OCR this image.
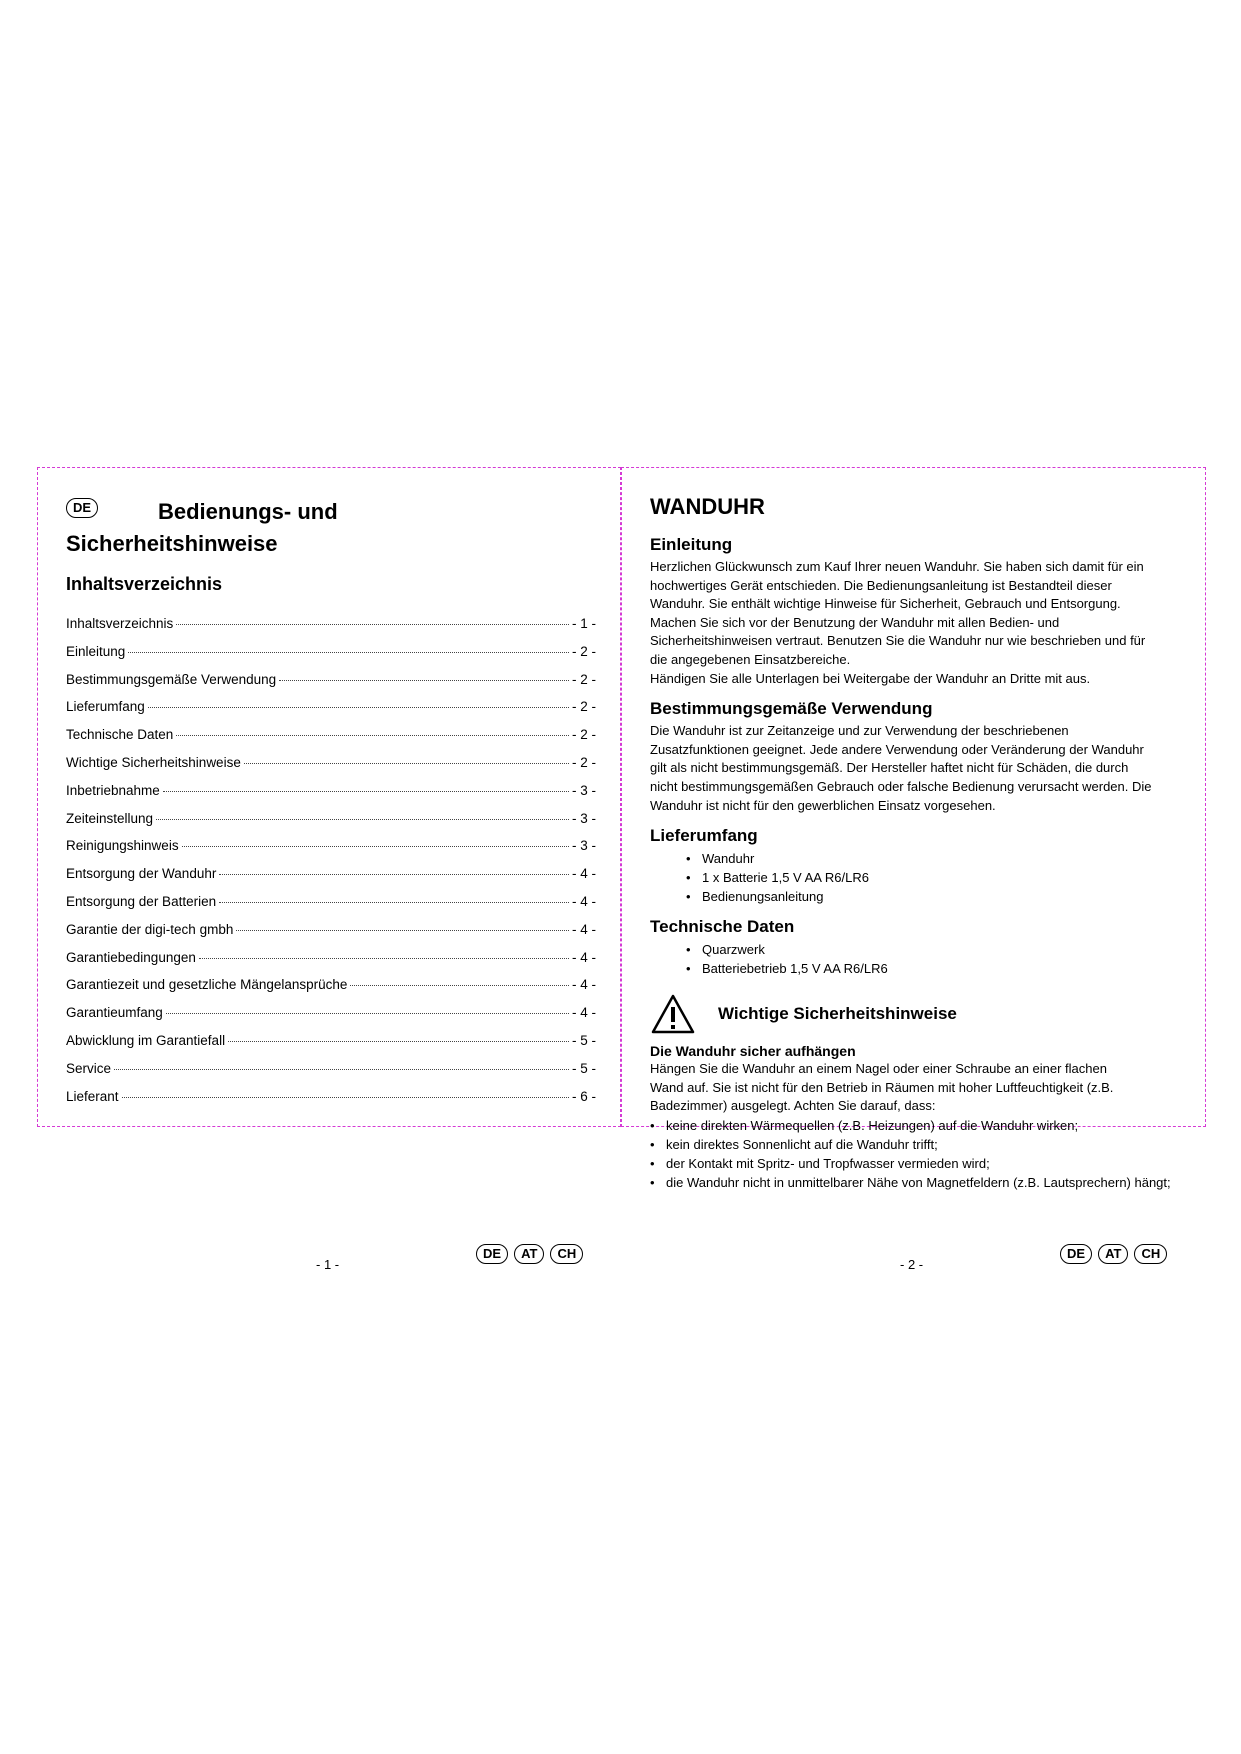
DE	Bedienungs- und
Sicherheitshinweise
Inhaltsverzeichnis
Inhaltsverzeichnis	- 1 -
Einleitung	- 2 -
Bestimmungsgemäße Verwendung	- 2 -
Lieferumfang	- 2 -
Technische Daten	- 2 -
Wichtige Sicherheitshinweise	- 2 -
Inbetriebnahme	- 3 -
Zeiteinstellung	- 3 -
Reinigungshinweis	- 3 -
Entsorgung der Wanduhr	- 4 -
Entsorgung der Batterien	- 4 -
Garantie der digi-tech gmbh	- 4 -
Garantiebedingungen	- 4 -
Garantiezeit und gesetzliche Mängelansprüche	- 4 -
Garantieumfang	- 4 -
Abwicklung im Garantiefall	- 5 -
Service	- 5 -
Lieferant	- 6 -
- 1 -
DE	AT	CH
WANDUHR
Einleitung

Herzlichen Glückwunsch zum Kauf Ihrer neuen Wanduhr. Sie haben sich damit für ein

hochwertiges Gerät entschieden. Die Bedienungsanleitung ist Bestandteil dieser

Wanduhr. Sie enthält wichtige Hinweise für Sicherheit, Gebrauch und Entsorgung.

Machen Sie sich vor der Benutzung der Wanduhr mit allen Bedien- und

Sicherheitshinweisen vertraut. Benutzen Sie die Wanduhr nur wie beschrieben und für

die angegebenen Einsatzbereiche.

Händigen Sie alle Unterlagen bei Weitergabe der Wanduhr an Dritte mit aus.

Bestimmungsgemäße Verwendung

Die Wanduhr ist zur Zeitanzeige und zur Verwendung der beschriebenen

Zusatzfunktionen geeignet. Jede andere Verwendung oder Veränderung der Wanduhr

gilt als nicht bestimmungsgemäß. Der Hersteller haftet nicht für Schäden, die durch

nicht bestimmungsgemäßen Gebrauch oder falsche Bedienung verursacht werden. Die

Wanduhr ist nicht für den gewerblichen Einsatz vorgesehen.

Lieferumfang
• Wanduhr
• 1 x Batterie 1,5 V AA R6/LR6
• Bedienungsanleitung
Technische Daten
• Quarzwerk
• Batteriebetrieb 1,5 V AA R6/LR6
Wichtige Sicherheitshinweise
Die Wanduhr sicher aufhängen

Hängen Sie die Wanduhr an einem Nagel oder einer Schraube an einer flachen

Wand auf. Sie ist nicht für den Betrieb in Räumen mit hoher Luftfeuchtigkeit (z.B.

Badezimmer) ausgelegt. Achten Sie darauf, dass:

• keine direkten Wärmequellen (z.B. Heizungen) auf die Wanduhr wirken;
• kein direktes Sonnenlicht auf die Wanduhr trifft;
• der Kontakt mit Spritz- und Tropfwasser vermieden wird;
• die Wanduhr nicht in unmittelbarer Nähe von Magnetfeldern (z.B. Lautsprechern) hängt;
- 2 -
DE	AT	CH
